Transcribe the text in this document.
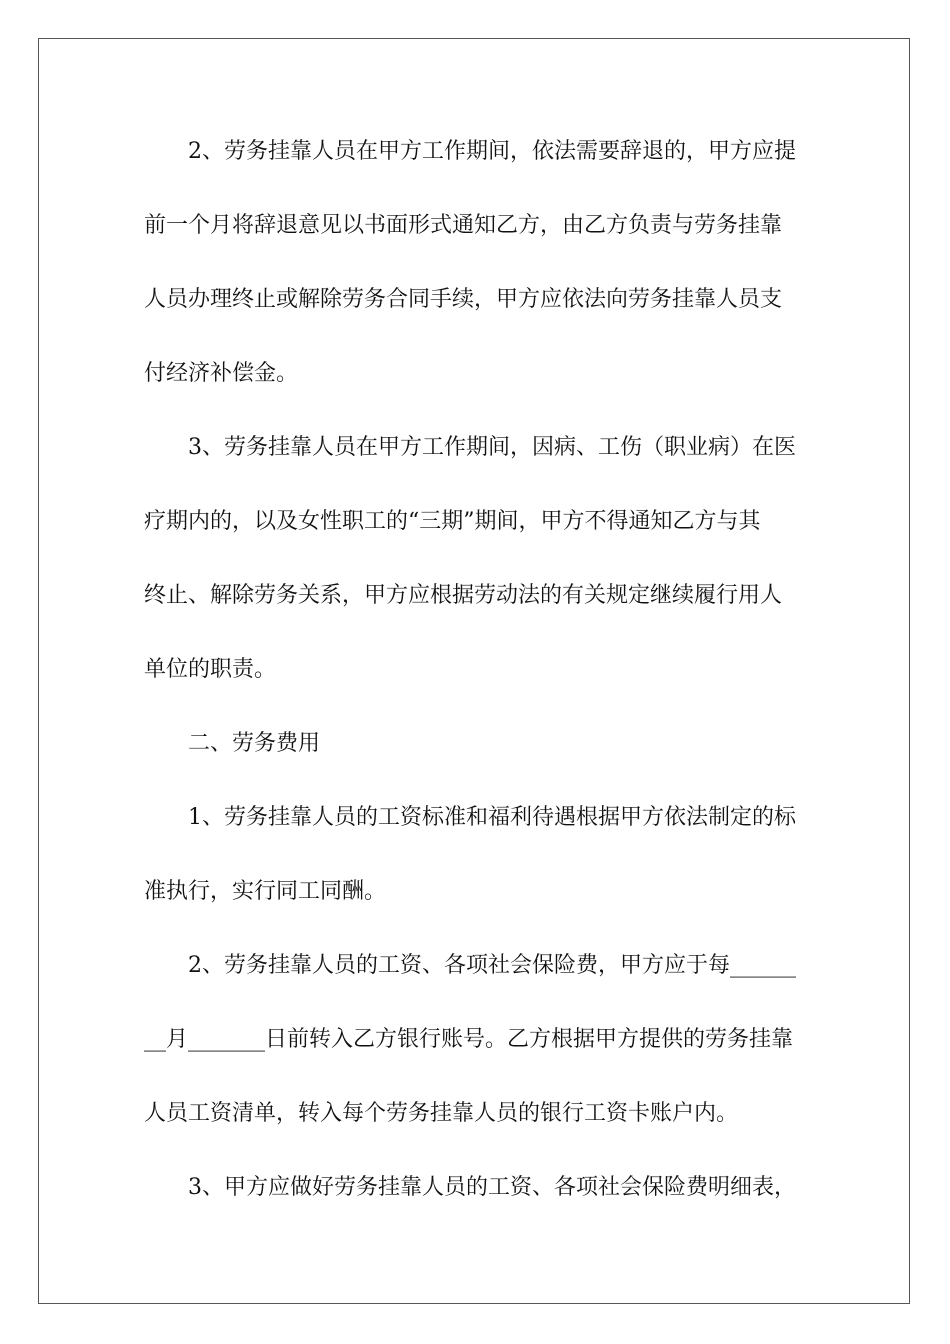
2、劳务挂靠人员在甲方工作期间，依法需要辞退的，甲方应提
前一个月将辞退意见以书面形式通知乙方，由乙方负责与劳务挂靠
人员办理终止或解除劳务合同手续，甲方应依法向劳务挂靠人员支
付经济补偿金。
3、劳务挂靠人员在甲方工作期间，因病、工伤（职业病）在医
疗期内的，以及女性职工的“三期”期间，甲方不得通知乙方与其
终止、解除劳务关系，甲方应根据劳动法的有关规定继续履行用人
单位的职责。
二、劳务费用
1、劳务挂靠人员的工资标准和福利待遇根据甲方依法制定的标
准执行，实行同工同酬。
2、劳务挂靠人员的工资、各项社会保险费，甲方应于每______
__月_______日前转入乙方银行账号。乙方根据甲方提供的劳务挂靠
人员工资清单，转入每个劳务挂靠人员的银行工资卡账户内。
3、甲方应做好劳务挂靠人员的工资、各项社会保险费明细表，
